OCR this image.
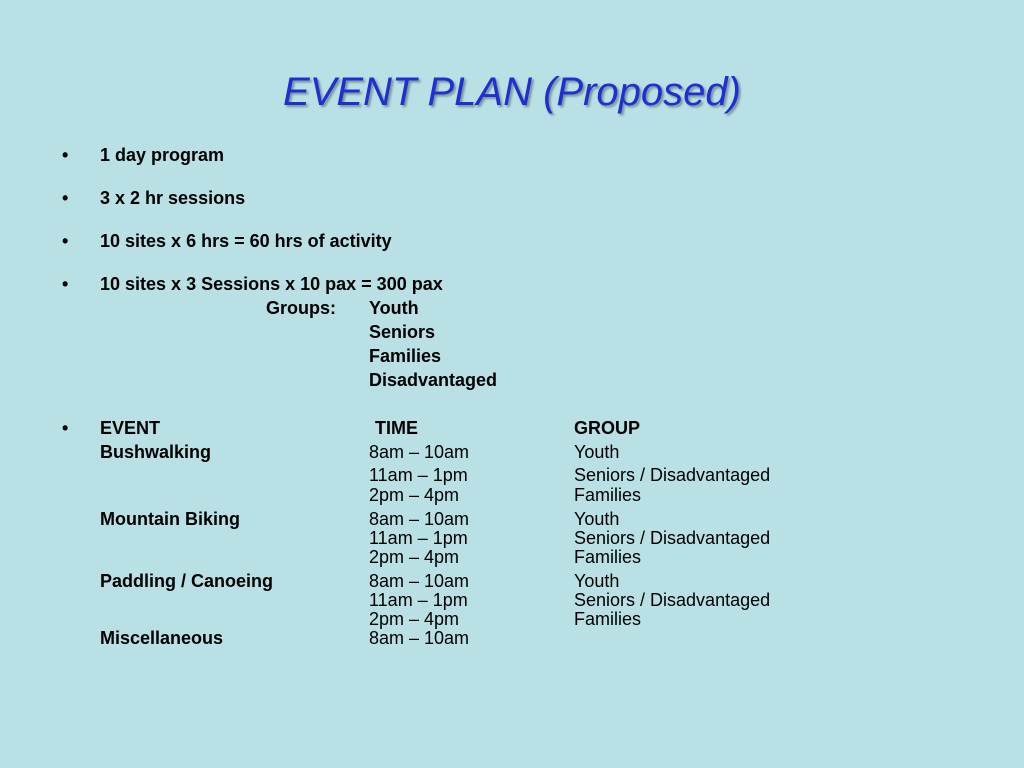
EVENT PLAN (Proposed)
• 1 day program
• 3 x 2 hr sessions
• 10 sites x 6 hrs = 60 hrs of activity
• 10 sites x 3 Sessions x 10 pax = 300 pax
Groups: Youth
Seniors
Families
Disadvantaged
• EVENT	TIME	GROUP
Bushwalking	8am – 10am	Youth
11am – 1pm	Seniors / Disadvantaged
2pm – 4pm	Families
Mountain Biking	8am – 10am	Youth
11am – 1pm	Seniors / Disadvantaged
2pm – 4pm	Families
Paddling / Canoeing	8am – 10am	Youth
11am – 1pm	Seniors / Disadvantaged
2pm – 4pm	Families
Miscellaneous	8am – 10am
